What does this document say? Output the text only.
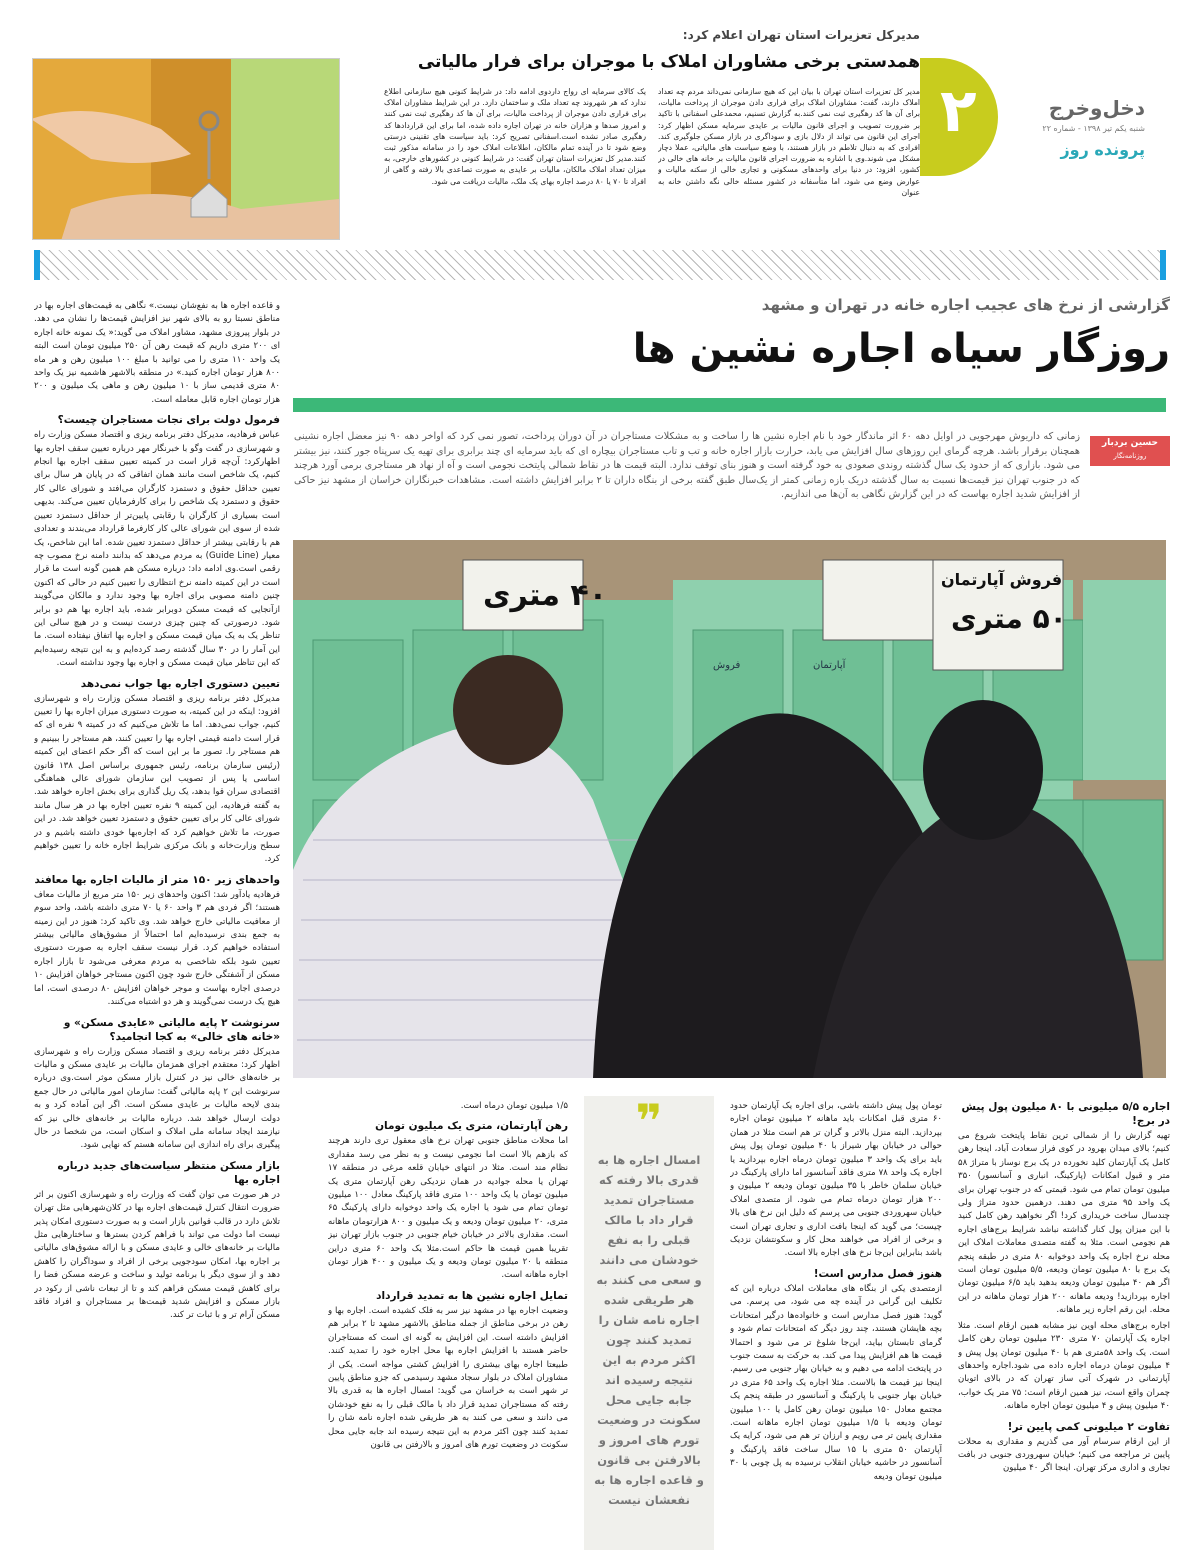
مدیرکل تعزیرات استان تهران اعلام کرد:
همدستی برخی مشاوران املاک با موجران برای فرار مالیاتی
مدیر کل تعزیرات استان تهران با بیان این که هیچ سازمانی نمی‌داند مردم چه تعداد املاک دارند، گفت: مشاوران املاک برای فراری دادن موجران از پرداخت مالیات، برای آن ها کد رهگیری ثبت نمی کنند.به گزارش تسنیم، محمدعلی اسفنانی با تاکید بر ضرورت تصویب و اجرای قانون مالیات بر عایدی سرمایه مسکن اظهار کرد: اجرای این قانون می تواند از دلال بازی و سوداگری در بازار مسکن جلوگیری کند. افرادی که به دنبال تلاطم در بازار هستند، با وضع سیاست های مالیاتی، عملا دچار مشکل می شوند.وی با اشاره به ضرورت اجرای قانون مالیات بر خانه های خالی در کشور، افزود: در دنیا برای واحدهای مسکونی و تجاری خالی از سکنه مالیات و عوارض وضع می شود، اما متأسفانه در کشور مسئله خالی نگه داشتن خانه به عنوان
یک کالای سرمایه ای رواج داردوی ادامه داد: در شرایط کنونی هیچ سازمانی اطلاع ندارد که هر شهروند چه تعداد ملک و ساختمان دارد. در این شرایط مشاوران املاک برای فراری دادن موجران از پرداخت مالیات، برای آن ها کد رهگیری ثبت نمی کنند و امروز صدها و هزاران خانه در تهران اجاره داده شده، اما برای این قراردادها کد رهگیری صادر نشده است.اسفنانی تصریح کرد: باید سیاست های تقنینی درستی وضع شود تا در آینده تمام مالکان، اطلاعات املاک خود را در سامانه مذکور ثبت کنند.مدیر کل تعزیرات استان تهران گفت: در شرایط کنونی در کشورهای خارجی، به میزان تعداد املاک مالکان، مالیات بر عایدی به صورت تصاعدی بالا رفته و گاهی از افراد تا ۷۰ یا ۸۰ درصد اجاره بهای یک ملک، مالیات دریافت می شود.
۲	دخل‌وخرج
شنبه یکم تیر ۱۳۹۸ - شماره ۲۲
پرونده روز
گزارشی از نرخ های عجیب اجاره خانه در تهران و مشهد
روزگار سیاه اجاره نشین ها
حسین بردبار
روزنامه‌نگار
زمانی که داریوش مهرجویی در اوایل دهه ۶۰ اثر ماندگار خود با نام اجاره نشین ها را ساخت و به مشکلات مستاجران در آن دوران پرداخت، تصور نمی کرد که اواخر دهه ۹۰ نیز معضل اجاره نشینی همچنان برقرار باشد. هرچه گرمای این روزهای سال افزایش می یابد، حرارت بازار اجاره خانه و تب و تاب مستاجران بیچاره ای که باید سرمایه ای چند برابری برای تهیه یک سرپناه جور کنند، نیز بیشتر می شود. بازاری که از حدود یک سال گذشته روندی صعودی به خود گرفته است و هنوز بنای توقف ندارد. البته قیمت ها در نقاط شمالی پایتخت نجومی است و آه از نهاد هر مستاجری برمی آورد هرچند که در جنوب تهران نیز قیمت‌ها نسبت به سال گذشته دریک بازه زمانی کمتر از یک‌سال طبق گفته برخی از بنگاه داران تا ۲ برابر افزایش داشته است. مشاهدات خبرنگاران خراسان از مشهد نیز حاکی از افزایش شدید اجاره بهاست که در این گزارش نگاهی به آن‌ها می اندازیم.
۴۰ متری	فروش آپارتمان
۵۰ متری
آپارتمان
فروش

و قاعده اجاره ها به نفع‌شان نیست.» نگاهی به قیمت‌های اجاره بها در مناطق نسبتا رو به بالای شهر نیز افزایش قیمت‌ها را نشان می دهد. در بلوار پیروزی مشهد، مشاور املاک می گوید:« یک نمونه خانه اجاره ای ۲۰۰ متری داریم که قیمت رهن آن ۲۵۰ میلیون تومان است البته یک واحد ۱۱۰ متری را می توانید با مبلغ ۱۰۰ میلیون رهن و هر ماه ۸۰۰ هزار تومان اجاره کنید.» در منطقه بالاشهر هاشمیه نیز یک واحد ۸۰ متری قدیمی ساز با ۱۰ میلیون رهن و ماهی یک میلیون و ۲۰۰ هزار تومان اجاره قابل معامله است.

فرمول دولت برای نجات مستاجران چیست؟

عباس فرهادیه، مدیرکل دفتر برنامه ریزی و اقتصاد مسکن وزارت راه و شهرسازی در گفت وگو با خبرنگار مهر درباره تعیین سقف اجاره بها اظهارکرد: آن‌چه قرار است در کمیته تعیین سقف اجاره بها انجام کنیم، یک شاخص است مانند همان اتفاقی که در پایان هر سال برای تعیین حداقل حقوق و دستمزد کارگران می‌افتد و شورای عالی کار حقوق و دستمزد یک شاخص را برای کارفرمایان تعیین می‌کند. بدیهی است بسیاری از کارگران با رقابتی پایین‌تر از حداقل دستمزد تعیین شده از سوی این شورای عالی کار کارفرما قرارداد می‌بندند و تعدادی هم با رقابتی بیشتر از حداقل دستمزد تعیین شده. اما این شاخص، یک معیار (Guide Line) به مردم می‌دهد که بدانند دامنه نرخ مصوب چه رقمی است.وی ادامه داد: درباره مسکن هم همین گونه است ما قرار است در این کمیته دامنه نرخ انتظاری را تعیین کنیم در حالی که اکنون چنین دامنه مصوبی برای اجاره بها وجود ندارد و مالکان می‌گویند ازآنجایی که قیمت مسکن دوبرابر شده، باید اجاره بها هم دو برابر شود. درصورتی که چنین چیزی درست نیست و در هیچ سالی این تناظر یک به یک میان قیمت مسکن و اجاره بها اتفاق نیفتاده است. ما این آمار را در ۳۰ سال گذشته رصد کرده‌ایم و به این نتیجه رسیده‌ایم که این تناظر میان قیمت مسکن و اجاره بها وجود نداشته است.

تعیین دستوری اجاره بها جواب نمی‌دهد

مدیرکل دفتر برنامه ریزی و اقتصاد مسکن وزارت راه و شهرسازی افزود: اینکه در این کمیته، به صورت دستوری میزان اجاره بها را تعیین کنیم، جواب نمی‌دهد. اما ما تلاش می‌کنیم که در کمیته ۹ نفره ای که قرار است دامنه قیمتی اجاره بها را تعیین کنند، هم مستاجر را ببینیم و هم مستاجر را. تصور ما بر این است که اگر حکم اعضای این کمیته (رئیس سازمان برنامه، رئیس جمهوری براساس اصل ۱۳۸ قانون اساسی یا پس از تصویب این سازمان شورای عالی هماهنگی اقتصادی سران قوا بدهد، یک ریل گذاری برای بخش اجاره خواهد شد. به گفته فرهادیه، این کمیته ۹ نفره تعیین اجاره بها در هر سال مانند شورای عالی کار برای تعیین حقوق و دستمزد تعیین خواهد شد. در این صورت، ما تلاش خواهیم کرد که اجاره‌بها خودی داشته باشیم و در سطح وزارت‌خانه و بانک مرکزی شرایط اجاره خانه را تعیین خواهیم کرد.

واحدهای زیر ۱۵۰ متر از مالیات اجاره بها معافند

فرهادیه یادآور شد: اکنون واحدهای زیر ۱۵۰ متر مربع از مالیات معاف هستند؛ اگر فردی هم ۳ واحد ۶۰ یا ۷۰ متری داشته باشد، واحد سوم از معافیت مالیاتی خارج خواهد شد. وی تاکید کرد: هنوز در این زمینه به جمع بندی نرسیده‌ایم اما احتمالاً از مشوق‌های مالیاتی بیشتر استفاده خواهیم کرد. قرار نیست سقف اجاره به صورت دستوری تعیین شود بلکه شاخصی به مردم معرفی می‌شود تا بازار اجاره مسکن از آشفتگی خارج شود چون اکنون مستاجر خواهان افزایش ۱۰ درصدی اجاره بهاست و موجر خواهان افزایش ۸۰ درصدی است، اما هیچ یک درست نمی‌گویند و هر دو اشتباه می‌کنند.

سرنوشت ۲ پایه مالیاتی «عایدی مسکن» و «خانه های خالی» به کجا انجامید؟

مدیرکل دفتر برنامه ریزی و اقتصاد مسکن وزارت راه و شهرسازی اظهار کرد: معتقدم اجرای همزمان مالیات بر عایدی مسکن و مالیات بر خانه‌های خالی نیز در کنترل بازار مسکن موثر است.وی درباره سرنوشت این ۲ پایه مالیاتی گفت: سازمان امور مالیاتی در حال جمع بندی لایحه مالیات بر عایدی مسکن است. اگر این آماده کرد و به دولت ارسال خواهد شد. درباره مالیات بر خانه‌های خالی نیز که نیازمند ایجاد سامانه ملی املاک و اسکان است، من شخصا در حال پیگیری برای راه اندازی این سامانه هستم که نهایی شود.

بازار مسکن منتظر سیاست‌های جدید درباره اجاره بها

در هر صورت می توان گفت که وزارت راه و شهرسازی اکنون بر اثر ضرورت انتقال کنترل قیمت‌های اجاره بها در کلان‌شهرهایی مثل تهران تلاش دارد در قالب قوانین بازار است و به صورت دستوری امکان پذیر نیست اما دولت می تواند با فراهم کردن بسترها و ساختارهایی مثل مالیات بر خانه‌های خالی و عایدی مسکن و با ارائه مشوق‌های مالیاتی بر اجاره بها، امکان سودجویی برخی از افراد و سوداگران را کاهش دهد و از سوی دیگر با برنامه تولید و ساخت و عرضه مسکن فضا را برای کاهش قیمت مسکن فراهم کند و تا از تبعات ناشی از رکود در بازار مسکن و افزایش شدید قیمت‌ها بر مستاجران و افراد فاقد مسکن آرام تر و با ثبات تر کند.

اجاره ۵/۵ میلیونی با ۸۰ میلیون پول پیش در برج!

تهیه گزارش را از شمالی ترین نقاط پایتخت شروع می کنیم؛ بالای میدان بهرود در کوی فراز سعادت آباد، اینجا رهن کامل یک آپارتمان کلید نخورده در یک برج نوساز با متراژ ۵۸ متر و قبول امکانات (پارکینگ، انباری و آسانسور) ۳۵۰ میلیون تومان تمام می شود. قیمتی که در جنوب تهران برای یک واحد ۹۵ متری می دهند. درهمین حدود متراژ ولی چندسال ساخت خریداری کرد! اگر نخواهید رهن کامل کنید با این میزان پول کنار گذاشته نباشد شرایط برج‌های اجاره هم نجومی است. مثلا به گفته متصدی معاملات املاک این محله نرخ اجاره یک واحد دوخوابه ۸۰ متری در طبقه پنجم یک برج با ۸۰ میلیون تومان ودیعه، ۵/۵ میلیون تومان است اگر هم ۴۰ میلیون تومان ودیعه بدهید باید ۶/۵ میلیون تومان اجاره بپردازید! ودیعه ماهانه ۲۰۰ هزار تومان ماهانه در این محله. این رقم اجاره زیر ماهانه.

اجاره برج‌های محله اوین نیز مشابه همین ارقام است. مثلا اجاره یک آپارتمان ۷۰ متری ۲۳۰ میلیون تومان رهن کامل است. یک واحد ۵۸متری هم با ۴۰ میلیون تومان پول پیش و ۴ میلیون تومان درماه اجاره داده می شود.اجاره واحدهای آپارتمانی در شهرک آتی ساز تهران که در بالای اتوبان چمران واقع است، نیز همین ارقام است: ۷۵ متر یک خواب، ۴۰ میلیون پیش و ۴ میلیون تومان اجاره ماهانه.

تفاوت ۲ میلیونی کمی پایین تر!

از این ارقام سرسام آور می گذریم و مقداری به محلات پایین تر مراجعه می کنیم؛ خیابان سهروردی جنوبی در بافت تجاری و اداری مرکز تهران. اینجا اگر ۴۰ میلیون

تومان پول پیش داشته باشی، برای اجاره یک آپارتمان حدود ۶۰ متری قبل امکانات باید ماهانه ۲ میلیون تومان اجاره بپردازید. البته منزل بالاتر و گران تر هم است مثلا در همان حوالی در خیابان بهار شیراز با ۴۰ میلیون تومان پول پیش باید برای یک واحد ۳ میلیون تومان درماه اجاره بپردازید یا اجاره یک واحد ۷۸ متری فاقد آسانسور اما دارای پارکینگ در خیابان سلمان خاطر با ۳۵ میلیون تومان ودیعه ۲ میلیون و ۲۰۰ هزار تومان درماه تمام می شود. از متصدی املاک خیابان سهروردی جنوبی می پرسم که دلیل این نرخ های بالا چیست؛ می گوید که اینجا بافت اداری و تجاری تهران است و برخی از افراد می خواهند محل کار و سکونتشان نزدیک باشد بنابراین این‌جا نرخ های اجاره بالا است.

هنوز فصل مدارس است!

ازمتصدی یکی از بنگاه های معاملات املاک درباره این که تکلیف این گرانی در آینده چه می شود، می پرسم. می گوید: هنوز فصل مدارس است و خانواده‌ها درگیر امتحانات بچه هایشان هستند، چند روز دیگر که امتحانات تمام شود و گرمای تابستان بیاید، این‌جا شلوغ تر می شود و احتمالا قیمت ها هم افزایش پیدا می کند. به حرکت به سمت جنوب در پایتخت ادامه می دهیم و به خیابان بهار جنوبی می رسیم. اینجا نیز قیمت ها بالاست. مثلا اجاره یک واحد ۶۵ متری در خیابان بهار جنوبی با پارکینگ و آسانسور در طبقه پنجم یک مجتمع معادل ۱۵۰ میلیون تومان رهن کامل یا ۱۰۰ میلیون تومان ودیعه با ۱/۵ میلیون تومان اجاره ماهانه است. مقداری پایین تر می رویم و ارزان تر هم می شود، کرایه یک آپارتمان ۵۰ متری با ۱۵ سال ساخت فاقد پارکینگ و آسانسور در حاشیه خیابان انقلاب نرسیده به پل چوبی با ۳۰ میلیون تومان ودیعه

❞
امسال اجاره ها به قدری بالا رفته که مستاجران تمدید قرار داد با مالک قبلی را به نفع خودشان می دانند و سعی می کنند به هر طریقی شده اجاره نامه شان را تمدید کنند چون اکثر مردم به این نتیجه رسیده اند جابه جایی محل سکونت در وضعیت تورم های امروز و بالارفتن بی قانون و قاعده اجاره ها به نفعشان نیست

۱/۵ میلیون تومان درماه است.

رهن آپارتمان، متری یک میلیون تومان

اما محلات مناطق جنوبی تهران نرخ های معقول تری دارند هرچند که بازهم بالا است اما نجومی نیست و به نظر می رسد مقداری نظام مند است. مثلا در انتهای خیابان قلعه مرغی در منطقه ۱۷ تهران یا محله جوادیه در همان نزدیکی رهن آپارتمان متری یک میلیون تومان یا یک واحد ۱۰۰ متری فاقد پارکینگ معادل ۱۰۰ میلیون تومان تمام می شود یا اجاره یک واحد دوخوابه دارای پارکینگ ۶۵ متری، ۲۰ میلیون تومان ودیعه و یک میلیون و ۸۰۰ هزارتومان ماهانه است. مقداری بالاتر در خیابان خیام جنوبی در جنوب بازار تهران نیز تقریبا همین قیمت ها حاکم است.مثلا یک واحد ۶۰ متری دراین منطقه با ۲۰ میلیون تومان ودیعه و یک میلیون و ۴۰۰ هزار تومان اجاره ماهانه است.

تمایل اجاره نشین ها به تمدید قرارداد

وضعیت اجاره بها در مشهد نیز سر به فلک کشیده است. اجاره بها و رهن در برخی مناطق از جمله مناطق بالاشهر مشهد تا ۲ برابر هم افزایش داشته است. این افزایش به گونه ای است که مستاجران حاضر هستند با افزایش اجاره بها محل اجاره خود را تمدید کنند. طبیعتا اجاره بهای بیشتری را افزایش کشتی مواجه است. یکی از مشاوران املاک در بلوار سجاد مشهد رسیدمی که جزو مناطق پایین تر شهر است به خراسان می گوید: امسال اجاره ها به قدری بالا رفته که مستاجران تمدید قرار داد با مالک قبلی را به نفع خودشان می دانند و سعی می کنند به هر طریقی شده اجاره نامه شان را تمدید کنند چون اکثر مردم به این نتیجه رسیده اند جابه جایی محل سکونت در وضعیت تورم های امروز و بالارفتن بی قانون
